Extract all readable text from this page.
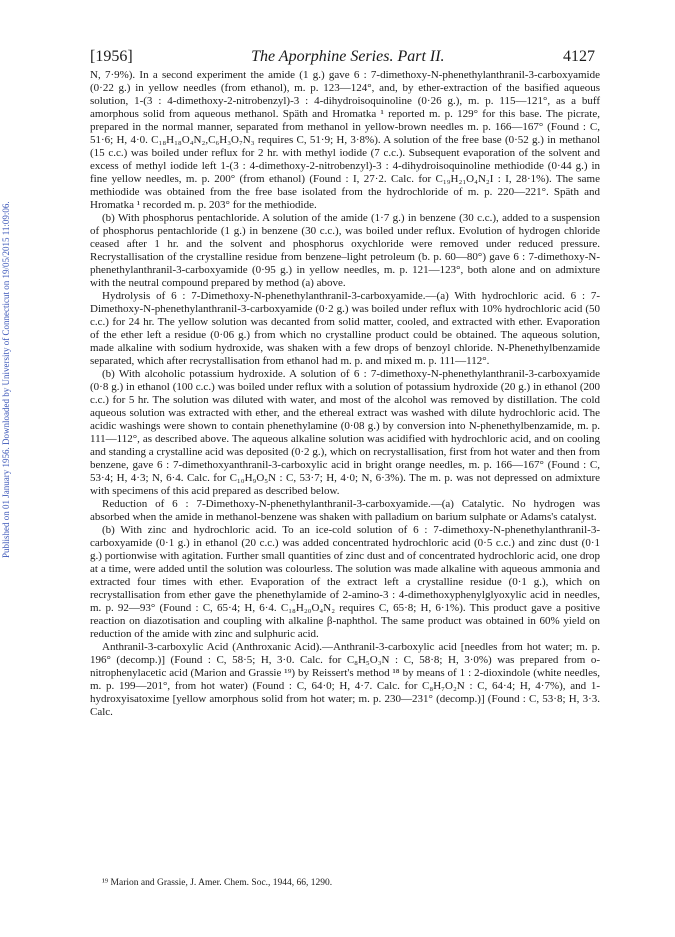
Published on 01 January 1956. Downloaded by University of Connecticut on 19/05/2015 11:09:06.
[1956]	The Aporphine Series. Part II.	4127

N, 7·9%). In a second experiment the amide (1 g.) gave 6 : 7-dimethoxy-N-phenethylanthranil-3-carboxyamide (0·22 g.) in yellow needles (from ethanol), m. p. 123—124°, and, by ether-extraction of the basified aqueous solution, 1-(3 : 4-dimethoxy-2-nitrobenzyl)-3 : 4-dihydroisoquinoline (0·26 g.), m. p. 115—121°, as a buff amorphous solid from aqueous methanol. Späth and Hromatka ¹ reported m. p. 129° for this base. The picrate, prepared in the normal manner, separated from methanol in yellow-brown needles m. p. 166—167° (Found : C, 51·6; H, 4·0. C₁₈H₁₈O₄N₂,C₆H₃O₇N₃ requires C, 51·9; H, 3·8%). A solution of the free base (0·52 g.) in methanol (15 c.c.) was boiled under reflux for 2 hr. with methyl iodide (7 c.c.). Subsequent evaporation of the solvent and excess of methyl iodide left 1-(3 : 4-dimethoxy-2-nitrobenzyl)-3 : 4-dihydroisoquinoline methiodide (0·44 g.) in fine yellow needles, m. p. 200° (from ethanol) (Found : I, 27·2. Calc. for C₁₉H₂₁O₄N₂I : I, 28·1%). The same methiodide was obtained from the free base isolated from the hydrochloride of m. p. 220—221°. Späth and Hromatka ¹ recorded m. p. 203° for the methiodide.

(b) With phosphorus pentachloride. A solution of the amide (1·7 g.) in benzene (30 c.c.), added to a suspension of phosphorus pentachloride (1 g.) in benzene (30 c.c.), was boiled under reflux. Evolution of hydrogen chloride ceased after 1 hr. and the solvent and phosphorus oxychloride were removed under reduced pressure. Recrystallisation of the crystalline residue from benzene–light petroleum (b. p. 60—80°) gave 6 : 7-dimethoxy-N-phenethylanthranil-3-carboxyamide (0·95 g.) in yellow needles, m. p. 121—123°, both alone and on admixture with the neutral compound prepared by method (a) above.

Hydrolysis of 6 : 7-Dimethoxy-N-phenethylanthranil-3-carboxyamide.—(a) With hydrochloric acid. 6 : 7-Dimethoxy-N-phenethylanthranil-3-carboxyamide (0·2 g.) was boiled under reflux with 10% hydrochloric acid (50 c.c.) for 24 hr. The yellow solution was decanted from solid matter, cooled, and extracted with ether. Evaporation of the ether left a residue (0·06 g.) from which no crystalline product could be obtained. The aqueous solution, made alkaline with sodium hydroxide, was shaken with a few drops of benzoyl chloride. N-Phenethylbenzamide separated, which after recrystallisation from ethanol had m. p. and mixed m. p. 111—112°.

(b) With alcoholic potassium hydroxide. A solution of 6 : 7-dimethoxy-N-phenethylanthranil-3-carboxyamide (0·8 g.) in ethanol (100 c.c.) was boiled under reflux with a solution of potassium hydroxide (20 g.) in ethanol (200 c.c.) for 5 hr. The solution was diluted with water, and most of the alcohol was removed by distillation. The cold aqueous solution was extracted with ether, and the ethereal extract was washed with dilute hydrochloric acid. The acidic washings were shown to contain phenethylamine (0·08 g.) by conversion into N-phenethylbenzamide, m. p. 111—112°, as described above. The aqueous alkaline solution was acidified with hydrochloric acid, and on cooling and standing a crystalline acid was deposited (0·2 g.), which on recrystallisation, first from hot water and then from benzene, gave 6 : 7-dimethoxyanthranil-3-carboxylic acid in bright orange needles, m. p. 166—167° (Found : C, 53·4; H, 4·3; N, 6·4. Calc. for C₁₀H₉O₅N : C, 53·7; H, 4·0; N, 6·3%). The m. p. was not depressed on admixture with specimens of this acid prepared as described below.

Reduction of 6 : 7-Dimethoxy-N-phenethylanthranil-3-carboxyamide.—(a) Catalytic. No hydrogen was absorbed when the amide in methanol-benzene was shaken with palladium on barium sulphate or Adams's catalyst.

(b) With zinc and hydrochloric acid. To an ice-cold solution of 6 : 7-dimethoxy-N-phenethylanthranil-3-carboxyamide (0·1 g.) in ethanol (20 c.c.) was added concentrated hydrochloric acid (0·5 c.c.) and zinc dust (0·1 g.) portionwise with agitation. Further small quantities of zinc dust and of concentrated hydrochloric acid, one drop at a time, were added until the solution was colourless. The solution was made alkaline with aqueous ammonia and extracted four times with ether. Evaporation of the extract left a crystalline residue (0·1 g.), which on recrystallisation from ether gave the phenethylamide of 2-amino-3 : 4-dimethoxyphenylglyoxylic acid in needles, m. p. 92—93° (Found : C, 65·4; H, 6·4. C₁₈H₂₀O₄N₂ requires C, 65·8; H, 6·1%). This product gave a positive reaction on diazotisation and coupling with alkaline β-naphthol. The same product was obtained in 60% yield on reduction of the amide with zinc and sulphuric acid.

Anthranil-3-carboxylic Acid (Anthroxanic Acid).—Anthranil-3-carboxylic acid [needles from hot water; m. p. 196° (decomp.)] (Found : C, 58·5; H, 3·0. Calc. for C₈H₅O₃N : C, 58·8; H, 3·0%) was prepared from o-nitrophenylacetic acid (Marion and Grassie ¹⁹) by Reissert's method ¹⁸ by means of 1 : 2-dioxindole (white needles, m. p. 199—201°, from hot water) (Found : C, 64·0; H, 4·7. Calc. for C₈H₇O₂N : C, 64·4; H, 4·7%), and 1-hydroxyisatoxime [yellow amorphous solid from hot water; m. p. 230—231° (decomp.)] (Found : C, 53·8; H, 3·3. Calc.

¹⁹ Marion and Grassie, J. Amer. Chem. Soc., 1944, 66, 1290.
